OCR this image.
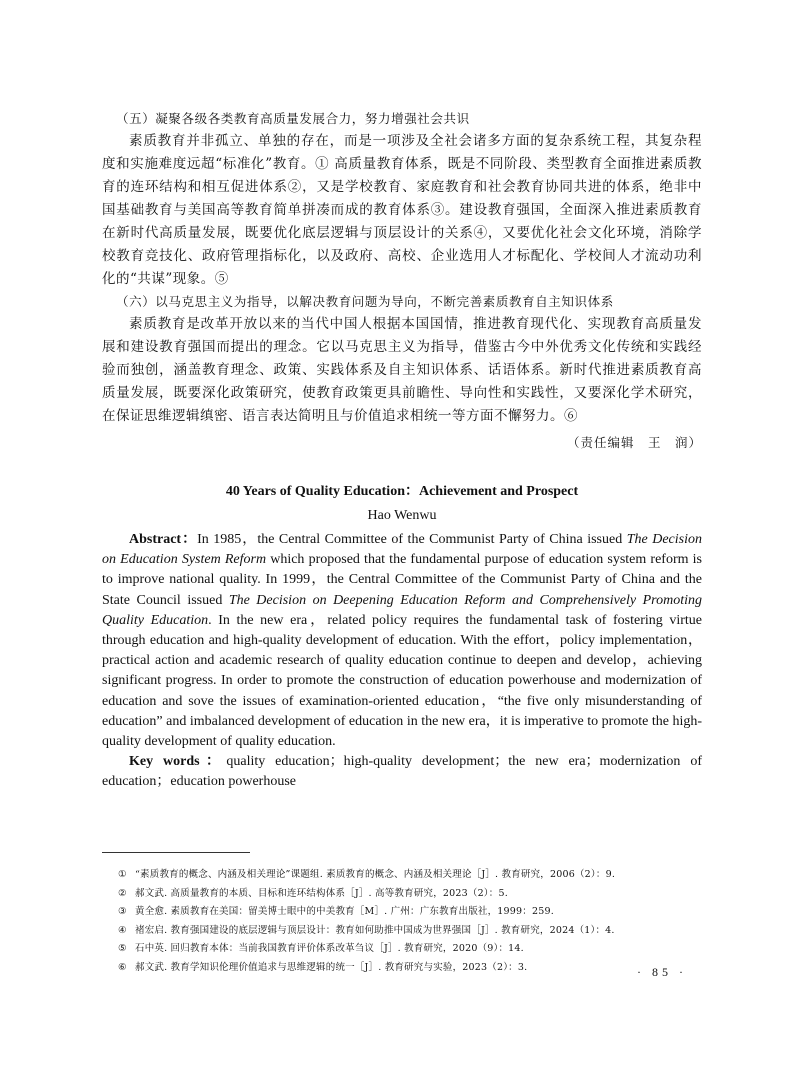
（五）凝聚各级各类教育高质量发展合力，努力增强社会共识

素质教育并非孤立、单独的存在，而是一项涉及全社会诸多方面的复杂系统工程，其复杂程度和实施难度远超“标准化”教育。① 高质量教育体系，既是不同阶段、类型教育全面推进素质教育的连环结构和相互促进体系②，又是学校教育、家庭教育和社会教育协同共进的体系，绝非中国基础教育与美国高等教育简单拼凑而成的教育体系③。建设教育强国，全面深入推进素质教育在新时代高质量发展，既要优化底层逻辑与顶层设计的关系④，又要优化社会文化环境，消除学校教育竞技化、政府管理指标化，以及政府、高校、企业选用人才标配化、学校间人才流动功利化的“共谋”现象。⑤

（六）以马克思主义为指导，以解决教育问题为导向，不断完善素质教育自主知识体系

素质教育是改革开放以来的当代中国人根据本国国情，推进教育现代化、实现教育高质量发展和建设教育强国而提出的理念。它以马克思主义为指导，借鉴古今中外优秀文化传统和实践经验而独创，涵盖教育理念、政策、实践体系及自主知识体系、话语体系。新时代推进素质教育高质量发展，既要深化政策研究，使教育政策更具前瞻性、导向性和实践性，又要深化学术研究，在保证思维逻辑缜密、语言表达简明且与价值追求相统一等方面不懈努力。⑥

（责任编辑　王　润）

40 Years of Quality Education：Achievement and Prospect
Hao Wenwu

Abstract：In 1985，the Central Committee of the Communist Party of China issued The Decision on Education System Reform which proposed that the fundamental purpose of education system reform is to improve national quality. In 1999，the Central Committee of the Communist Party of China and the State Council issued The Decision on Deepening Education Reform and Comprehensively Promoting Quality Education. In the new era，related policy requires the fundamental task of fostering virtue through education and high-quality development of education. With the effort，policy implementation，practical action and academic research of quality education continue to deepen and develop，achieving significant progress. In order to promote the construction of education powerhouse and modernization of education and sove the issues of examination-oriented education，“the five only misunderstanding of education” and imbalanced development of education in the new era，it is imperative to promote the high-quality development of quality education.

Key words：quality education；high-quality development；the new era；modernization of education；education powerhouse

① “素质教育的概念、内涵及相关理论”课题组. 素质教育的概念、内涵及相关理论［J］. 教育研究，2006（2）：9.
② 郝文武. 高质量教育的本质、目标和连环结构体系［J］. 高等教育研究，2023（2）：5.
③ 黄全愈. 素质教育在美国：留美博士眼中的中美教育［M］. 广州：广东教育出版社，1999：259.
④ 褚宏启. 教育强国建设的底层逻辑与顶层设计：教育如何助推中国成为世界强国［J］. 教育研究，2024（1）：4.
⑤ 石中英. 回归教育本体：当前我国教育评价体系改革刍议［J］. 教育研究，2020（9）：14.
⑥ 郝文武. 教育学知识伦理价值追求与思维逻辑的统一［J］. 教育研究与实验，2023（2）：3.	· 85 ·
